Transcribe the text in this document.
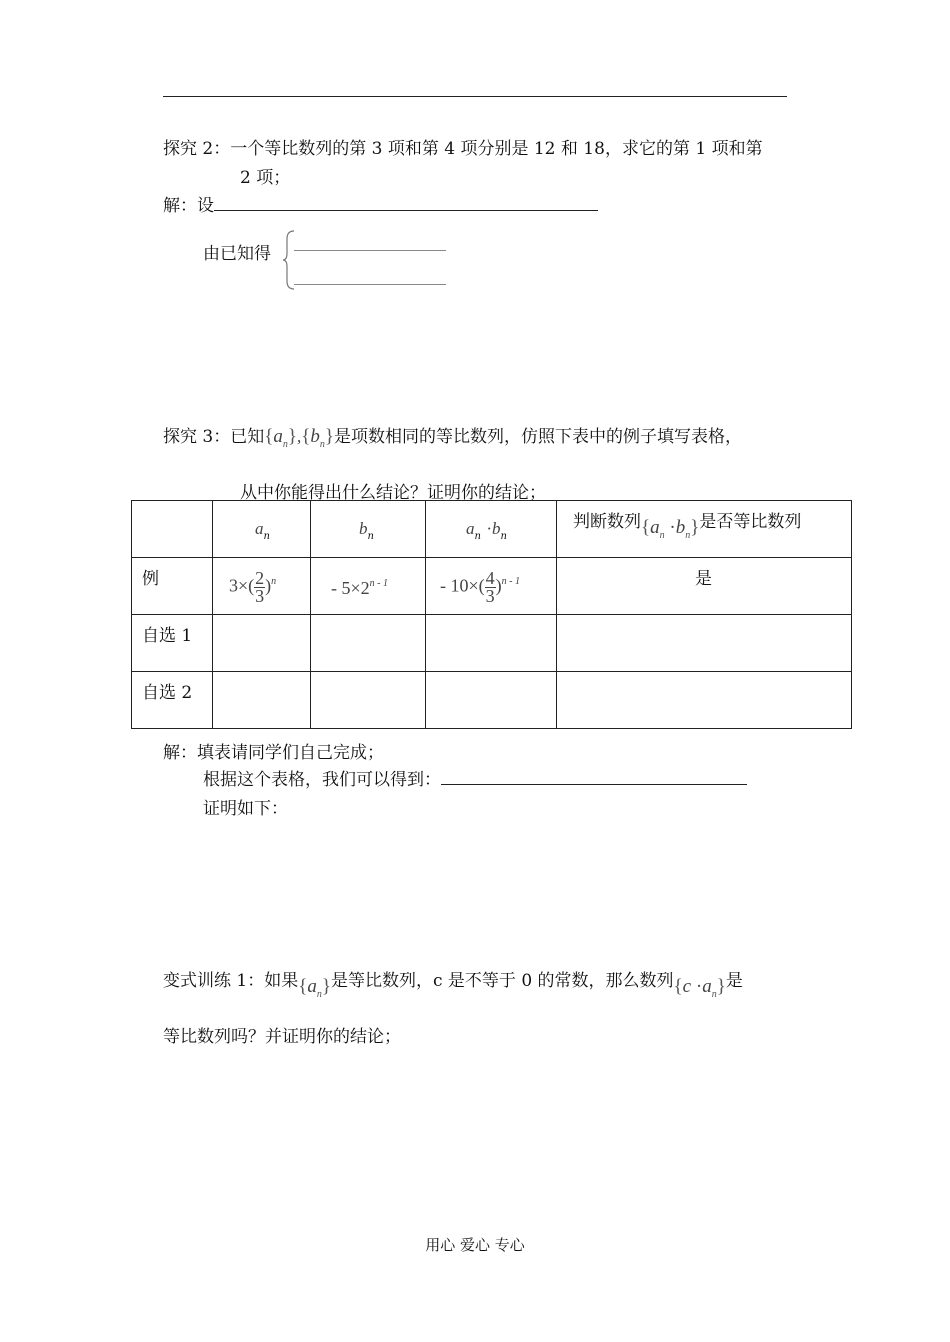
探究 2：一个等比数列的第 3 项和第 4 项分别是 12 和 18，求它的第 1 项和第
2 项；
解：设
由已知得
探究 3：已知$\{a_n\},\{b_n\}$是项数相同的等比数列，仿照下表中的例子填写表格，
从中你能得出什么结论？证明你的结论；

	$a_n$	$b_n$	$a_n \cdot b_n$	判断数列$\{a_n \cdot b_n\}$是否等比数列

例	$3\times( \frac{2}{3} )^n$	- $5\times 2^{n - 1}$	- $10\times( \frac{4}{3} )^{n - 1}$	是

自选 1				

自选 2				

解：填表请同学们自己完成；
根据这个表格，我们可以得到：
证明如下：
变式训练 1：如果$\{a_n\}$是等比数列，c 是不等于 0 的常数，那么数列$\{c \cdot a_n\}$是
等比数列吗？并证明你的结论；
用心 爱心 专心
